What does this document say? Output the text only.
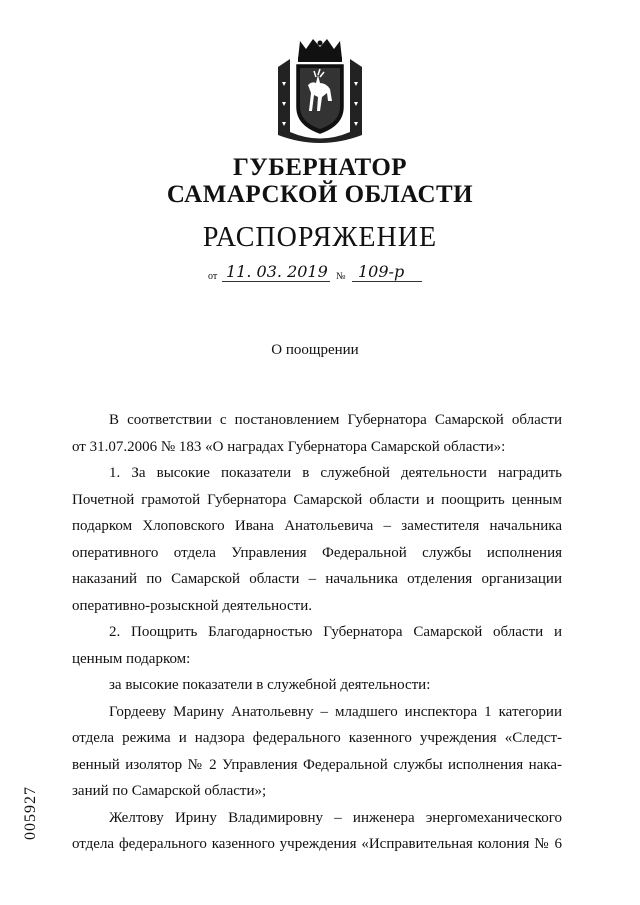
ГУБЕРНАТОР
САМАРСКОЙ ОБЛАСТИ
РАСПОРЯЖЕНИЕ
от 11. 03. 2019 № 109-р
О поощрении
В соответствии с постановлением Губернатора Самарской области
от 31.07.2006 № 183 «О наградах Губернатора Самарской области»:
1. За высокие показатели в служебной деятельности наградить
Почетной грамотой Губернатора Самарской области и поощрить ценным
подарком Хлоповского Ивана Анатольевича – заместителя начальника
оперативного отдела Управления Федеральной службы исполнения
наказаний по Самарской области – начальника отделения организации
оперативно-розыскной деятельности.
2. Поощрить Благодарностью Губернатора Самарской области и
ценным подарком:
за высокие показатели в служебной деятельности:
Гордееву Марину Анатольевну – младшего инспектора 1 категории
отдела режима и надзора федерального казенного учреждения «Следст-
венный изолятор № 2 Управления Федеральной службы исполнения нака-
заний по Самарской области»;
Желтову Ирину Владимировну – инженера энергомеханического
отдела федерального казенного учреждения «Исправительная колония № 6
005927
